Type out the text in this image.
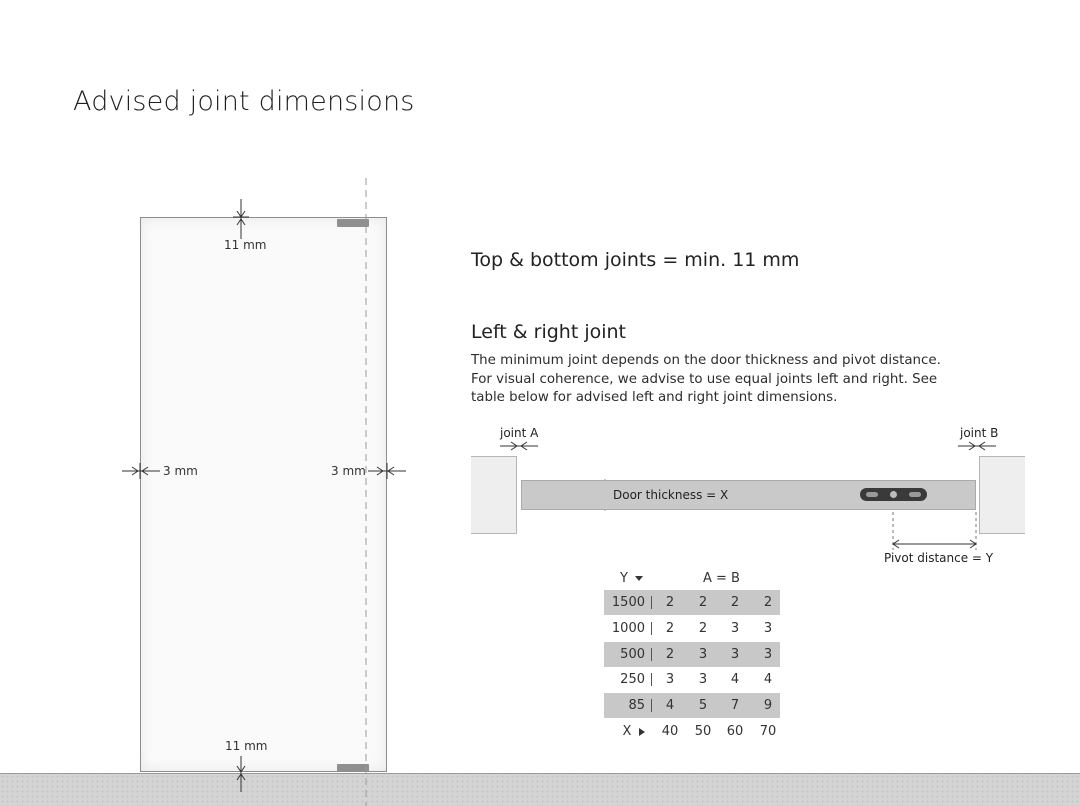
Advised joint dimensions
11 mm
11 mm
3 mm	3 mm
Top & bottom joints = min. 11 mm
Left & right joint
The minimum joint depends on the door thickness and pivot distance. For visual coherence, we advise to use equal joints left and right. See table below for advised left and right joint dimensions.
joint A	joint B
Door thickness = X
Pivot distance = Y
Y	A = B
1500	2	2	2	2
1000	2	2	3	3
500	2	3	3	3
250	3	3	4	4
85	4	5	7	9
X	40	50	60	70
